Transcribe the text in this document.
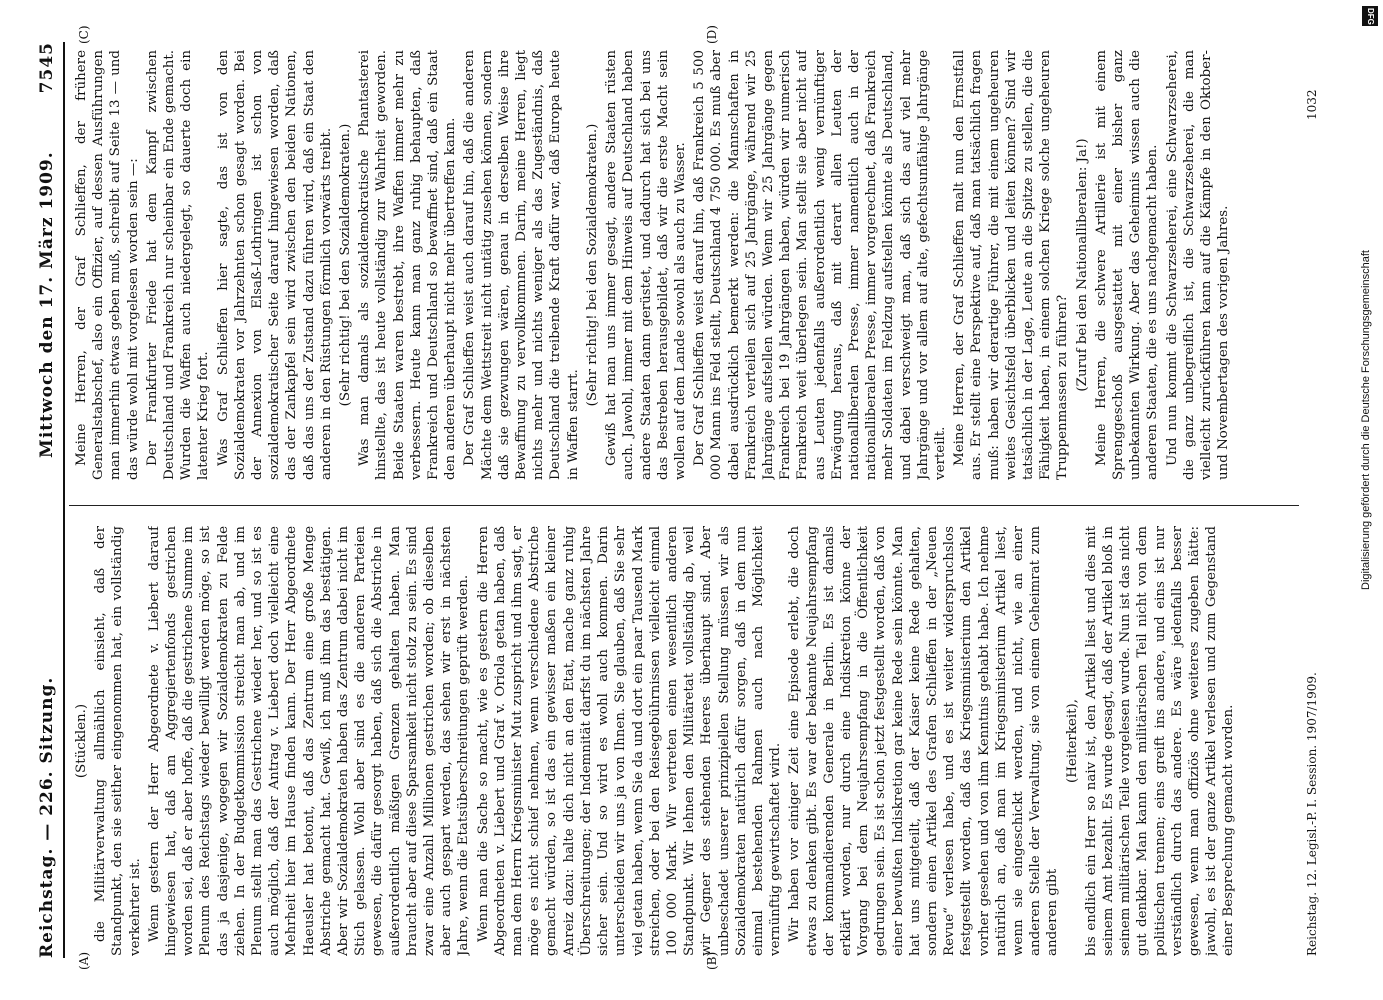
Reichstag. — 226. Sitzung.
Mittwoch den 17. März 1909.
7545
(A)	(B)
(C)	(D)

(Stücklen.) die Militärverwaltung allmählich einsieht, daß der Standpunkt, den sie seither eingenommen hat, ein vollständig verkehrter ist. Wenn gestern der Herr Abgeordnete v. Liebert darauf hingewiesen hat, daß am Aggregiertenfonds gestrichen worden sei, daß er aber hoffe, daß die gestrichene Summe im Plenum des Reichstags wieder bewilligt werden möge, so ist das ja dasjenige, wogegen wir Sozialdemokraten zu Felde ziehen. In der Budgetkommission streicht man ab, und im Plenum stellt man das Gestrichene wieder her, und so ist es auch möglich, daß der Antrag v. Liebert doch vielleicht eine Mehrheit hier im Hause finden kann. Der Herr Abgeordnete Haeusler hat betont, daß das Zentrum eine große Menge Abstriche gemacht hat. Gewiß, ich muß ihm das bestätigen. Aber wir Sozialdemokraten haben das Zentrum dabei nicht im Stich gelassen. Wohl aber sind es die anderen Parteien gewesen, die dafür gesorgt haben, daß sich die Abstriche in außerordentlich mäßigen Grenzen gehalten haben. Man braucht aber auf diese Sparsamkeit nicht stolz zu sein. Es sind zwar eine Anzahl Millionen gestrichen worden; ob dieselben aber auch gespart werden, das sehen wir erst in nächsten Jahre, wenn die Etatsüberschreitungen geprüft werden. Wenn man die Sache so macht, wie es gestern die Herren Abgeordneten v. Liebert und Graf v. Oriola getan haben, daß man dem Herrn Kriegsminister Mut zuspricht und ihm sagt, er möge es nicht schief nehmen, wenn verschiedene Abstriche gemacht würden, so ist das ein gewisser maßen ein kleiner Anreiz dazu: halte dich nicht an den Etat, mache ganz ruhig Überschreitungen; der Indemnität darfst du im nächsten Jahre sicher sein. Und so wird es wohl auch kommen. Darin unterscheiden wir uns ja von Ihnen. Sie glauben, daß Sie sehr viel getan haben, wenn Sie da und dort ein paar Tausend Mark streichen, oder bei den Reisegebührnissen vielleicht einmal 100 000 Mark. Wir vertreten einen wesentlich anderen Standpunkt. Wir lehnen den Militäretat vollständig ab, weil wir Gegner des stehenden Heeres überhaupt sind. Aber unbeschadet unserer prinzipiellen Stellung müssen wir als Sozialdemokraten natürlich dafür sorgen, daß in dem nun einmal bestehenden Rahmen auch nach Möglichkeit vernünftig gewirtschaftet wird. Wir haben vor einiger Zeit eine Episode erlebt, die doch etwas zu denken gibt. Es war der bekannte Neujahrsempfang der kommandierenden Generale in Berlin. Es ist damals erklärt worden, nur durch eine Indiskretion könne der Vorgang bei dem Neujahrsempfang in die Öffentlichkeit gedrungen sein. Es ist schon jetzt festgestellt worden, daß von einer bewußten Indiskretion gar keine Rede sein könnte. Man hat uns mitgeteilt, daß der Kaiser keine Rede gehalten, sondern einen Artikel des Grafen Schlieffen in der „Neuen Revue“ verlesen habe, und es ist weiter widerspruchslos festgestellt worden, daß das Kriegsministerium den Artikel vorher gesehen und von ihm Kenntnis gehabt habe. Ich nehme natürlich an, daß man im Kriegsministerium Artikel liest, wenn sie eingeschickt werden, und nicht, wie an einer anderen Stelle der Verwaltung, sie von einem Geheimrat zum anderen gibt

(Heiterkeit), bis endlich ein Herr so naiv ist, den Artikel liest und dies mit seinem Amt bezahlt. Es wurde gesagt, daß der Artikel bloß in seinem militärischen Teile vorgelesen wurde. Nun ist das nicht gut denkbar. Man kann den militärischen Teil nicht von dem politischen trennen; eins greift ins andere, und eins ist nur verständlich durch das andere. Es wäre jedenfalls besser gewesen, wenn man offiziös ohne weiteres zugeben hätte: jawohl, es ist der ganze Artikel verlesen und zum Gegenstand einer Besprechung gemacht worden.

Meine Herren, der Graf Schlieffen, der frühere Generalstabschef, also ein Offizier, auf dessen Ausführungen man immerhin etwas geben muß, schreibt auf Seite 13 — und das würde wohl mit vorgelesen worden sein —: Der Frankfurter Friede hat dem Kampf zwischen Deutschland und Frankreich nur scheinbar ein Ende gemacht. Wurden die Waffen auch niedergelegt, so dauerte doch ein latenter Krieg fort. Was Graf Schlieffen hier sagte, das ist von den Sozialdemokraten vor Jahrzehnten schon gesagt worden. Bei der Annexion von Elsaß-Lothringen ist schon von sozialdemokratischer Seite darauf hingewiesen worden, daß das der Zankapfel sein wird zwischen den beiden Nationen, daß das uns der Zustand dazu führen wird, daß ein Staat den anderen in den Rüstungen förmlich vorwärts treibt. (Sehr richtig! bei den Sozialdemokraten.) Was man damals als sozialdemokratische Phantasterei hinstellte, das ist heute vollständig zur Wahrheit geworden. Beide Staaten waren bestrebt, ihre Waffen immer mehr zu verbessern. Heute kann man ganz ruhig behaupten, daß Frankreich und Deutschland so bewaffnet sind, daß ein Staat den anderen überhaupt nicht mehr übertreffen kann. Der Graf Schlieffen weist auch darauf hin, daß die anderen Mächte dem Wettstreit nicht untätig zusehen können, sondern daß sie gezwungen wären, genau in derselben Weise ihre Bewaffnung zu vervollkommnen. Darin, meine Herren, liegt nichts mehr und nichts weniger als das Zugeständnis, daß Deutschland die treibende Kraft dafür war, daß Europa heute in Waffen starrt.

(Sehr richtig! bei den Sozialdemokraten.) Gewiß hat man uns immer gesagt, andere Staaten rüsten auch. Jawohl, immer mit dem Hinweis auf Deutschland haben andere Staaten dann gerüstet, und dadurch hat sich bei uns das Bestreben herausgebildet, daß wir die erste Macht sein wollen auf dem Lande sowohl als auch zu Wasser. Der Graf Schlieffen weist darauf hin, daß Frankreich 5 500 000 Mann ins Feld stellt, Deutschland 4 750 000. Es muß aber dabei ausdrücklich bemerkt werden: die Mannschaften in Frankreich verteilen sich auf 25 Jahrgänge, während wir 25 Jahrgänge aufstellen würden. Wenn wir 25 Jahrgänge gegen Frankreich bei 19 Jahrgängen haben, würden wir numerisch Frankreich weit überlegen sein. Man stellt sie aber nicht auf aus Leuten jedenfalls außerordentlich wenig vernünftiger Erwägung heraus, daß mit derart allen Leuten der nationalliberalen Presse, immer namentlich auch in der nationalliberalen Presse, immer vorgerechnet, daß Frankreich mehr Soldaten im Feldzug aufstellen könnte als Deutschland, und dabei verschweigt man, daß sich das auf viel mehr Jahrgänge und vor allem auf alte, gefechtsunfähige Jahrgänge verteilt. Meine Herren, der Graf Schlieffen malt nun den Ernstfall aus. Er stellt eine Perspektive auf, daß man tatsächlich fragen muß: haben wir derartige Führer, die mit einem ungeheuren weites Gesichtsfeld überblicken und leiten können? Sind wir tatsächlich in der Lage, Leute an die Spitze zu stellen, die die Fähigkeit haben, in einem solchen Kriege solche ungeheuren Truppenmassen zu führen? (Zuruf bei den Nationalliberalen: Ja!) Meine Herren, die schwere Artillerie ist mit einem Sprenggeschoß ausgestattet mit einer bisher ganz unbekannten Wirkung. Aber das Geheimnis wissen auch die anderen Staaten, die es uns nachgemacht haben. Und nun kommt die Schwarzseherei, eine Schwarzseherei, die ganz unbegreiflich ist, die Schwarzseherei, die man vielleicht zurückführen kann auf die Kämpfe in den Oktober- und Novembertagen des vorigen Jahres.

Reichstag. 12. Legisl.-P. I. Session. 1907/1909.
1032
DFG
Digitalisierung gefördert durch die Deutsche Forschungsgemeinschaft
